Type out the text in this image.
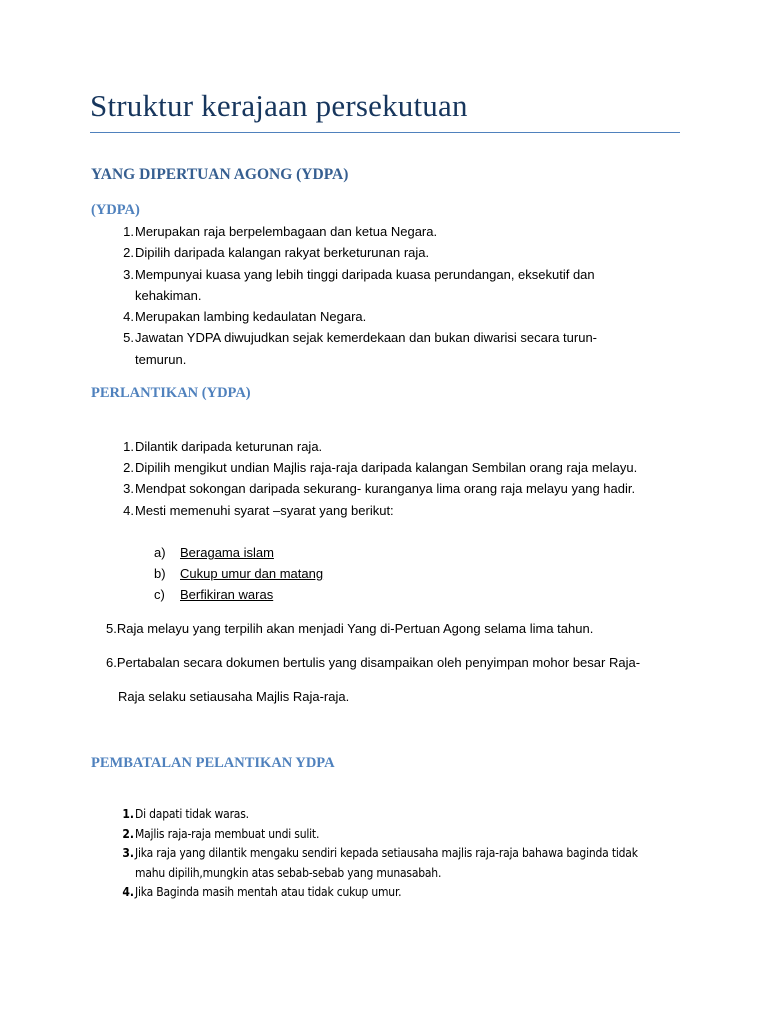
Struktur kerajaan persekutuan
YANG DIPERTUAN AGONG (YDPA)
(YDPA)
1. Merupakan raja berpelembagaan dan ketua Negara.
2. Dipilih daripada kalangan rakyat berketurunan raja.
3. Mempunyai kuasa yang lebih tinggi daripada kuasa perundangan, eksekutif dan
kehakiman.
4. Merupakan lambing kedaulatan Negara.
5. Jawatan YDPA diwujudkan sejak kemerdekaan dan bukan diwarisi secara turun-
temurun.
PERLANTIKAN (YDPA)
1. Dilantik daripada keturunan raja.
2. Dipilih mengikut undian Majlis raja-raja daripada kalangan Sembilan orang raja melayu.
3. Mendpat sokongan daripada sekurang- kuranganya lima orang raja melayu yang hadir.
4. Mesti memenuhi syarat –syarat yang berikut:
a)	Beragama islam
b)	Cukup umur dan matang
c)	Berfikiran waras
5.Raja melayu yang terpilih akan menjadi Yang di-Pertuan Agong selama lima tahun.
6.Pertabalan secara dokumen bertulis yang disampaikan oleh penyimpan mohor besar Raja-
Raja selaku setiausaha Majlis Raja-raja.
PEMBATALAN PELANTIKAN YDPA
1. Di dapati tidak waras.
2. Majlis raja-raja membuat undi sulit.
3. Jika raja yang dilantik mengaku sendiri kepada setiausaha majlis raja-raja bahawa baginda tidak
mahu dipilih,mungkin atas sebab-sebab yang munasabah.
4. Jika Baginda masih mentah atau tidak cukup umur.
